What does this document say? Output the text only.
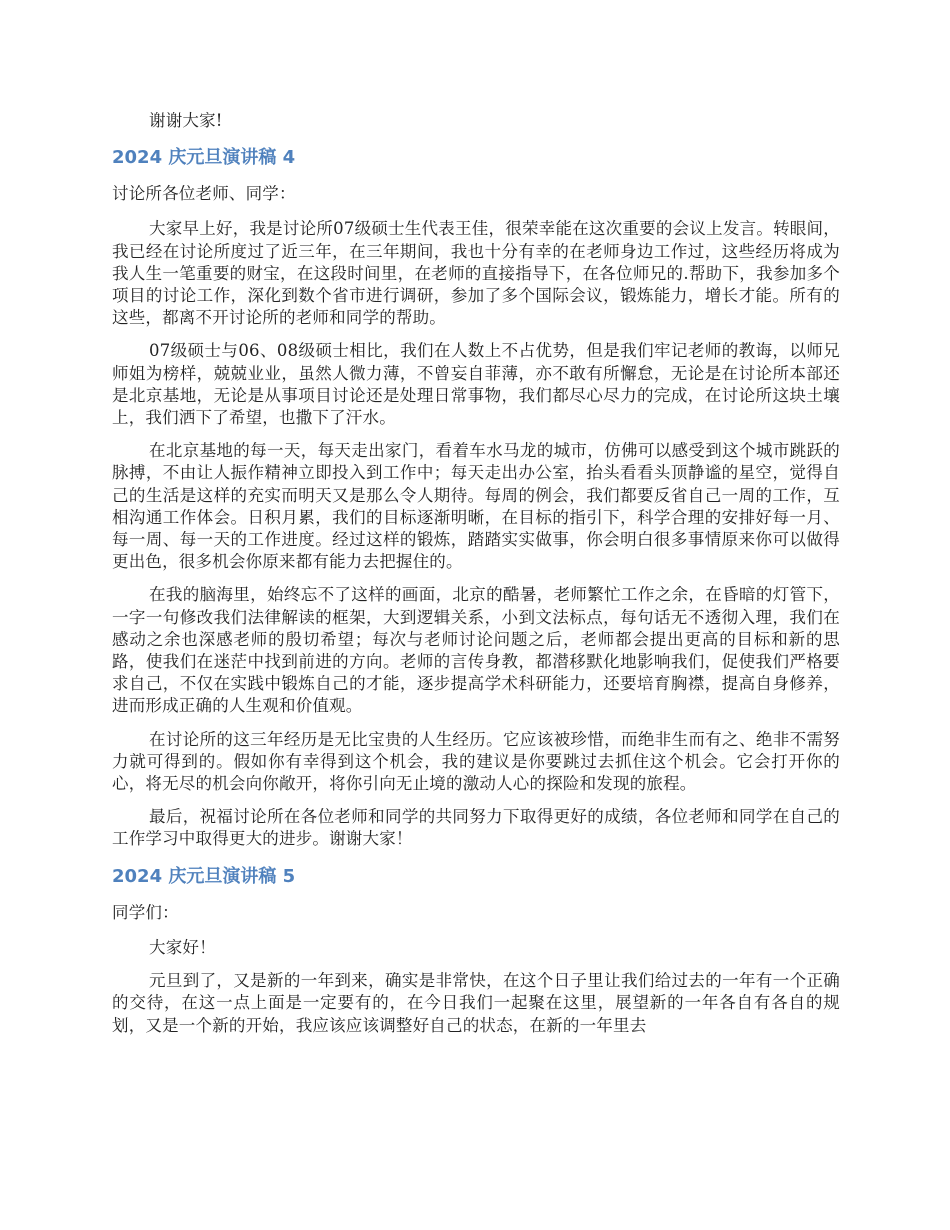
谢谢大家!

2024 庆元旦演讲稿 4

讨论所各位老师、同学：

大家早上好，我是讨论所07级硕士生代表王佳，很荣幸能在这次重要的会议上发言。转眼间，我已经在讨论所度过了近三年，在三年期间，我也十分有幸的在老师身边工作过，这些经历将成为我人生一笔重要的财宝，在这段时间里，在老师的直接指导下，在各位师兄的.帮助下，我参加多个项目的讨论工作，深化到数个省市进行调研，参加了多个国际会议，锻炼能力，增长才能。所有的这些，都离不开讨论所的老师和同学的帮助。

07级硕士与06、08级硕士相比，我们在人数上不占优势，但是我们牢记老师的教诲，以师兄师姐为榜样，兢兢业业，虽然人微力薄，不曾妄自菲薄，亦不敢有所懈怠，无论是在讨论所本部还是北京基地，无论是从事项目讨论还是处理日常事物，我们都尽心尽力的完成，在讨论所这块土壤上，我们洒下了希望，也撒下了汗水。

在北京基地的每一天，每天走出家门，看着车水马龙的城市，仿佛可以感受到这个城市跳跃的脉搏，不由让人振作精神立即投入到工作中；每天走出办公室，抬头看看头顶静谧的星空，觉得自己的生活是这样的充实而明天又是那么令人期待。每周的例会，我们都要反省自己一周的工作，互相沟通工作体会。日积月累，我们的目标逐渐明晰，在目标的指引下，科学合理的安排好每一月、每一周、每一天的工作进度。经过这样的锻炼，踏踏实实做事，你会明白很多事情原来你可以做得更出色，很多机会你原来都有能力去把握住的。

在我的脑海里，始终忘不了这样的画面，北京的酷暑，老师繁忙工作之余，在昏暗的灯管下，一字一句修改我们法律解读的框架，大到逻辑关系，小到文法标点，每句话无不透彻入理，我们在感动之余也深感老师的殷切希望；每次与老师讨论问题之后，老师都会提出更高的目标和新的思路，使我们在迷茫中找到前进的方向。老师的言传身教，都潜移默化地影响我们，促使我们严格要求自己，不仅在实践中锻炼自己的才能，逐步提高学术科研能力，还要培育胸襟，提高自身修养，进而形成正确的人生观和价值观。

在讨论所的这三年经历是无比宝贵的人生经历。它应该被珍惜，而绝非生而有之、绝非不需努力就可得到的。假如你有幸得到这个机会，我的建议是你要跳过去抓住这个机会。它会打开你的心，将无尽的机会向你敞开，将你引向无止境的激动人心的探险和发现的旅程。

最后，祝福讨论所在各位老师和同学的共同努力下取得更好的成绩，各位老师和同学在自己的工作学习中取得更大的进步。谢谢大家！

2024 庆元旦演讲稿 5

同学们：

大家好！

元旦到了，又是新的一年到来，确实是非常快，在这个日子里让我们给过去的一年有一个正确的交待，在这一点上面是一定要有的，在今日我们一起聚在这里，展望新的一年各自有各自的规划，又是一个新的开始，我应该应该调整好自己的状态，在新的一年里去
